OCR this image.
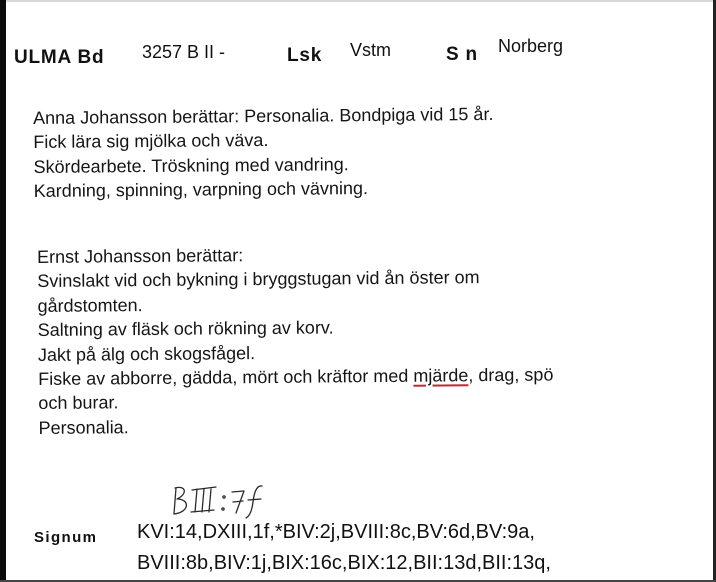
ULMA Bd 3257 B II -	Lsk Vstm	S n Norberg
Anna Johansson berättar: Personalia. Bondpiga vid 15 år.
Fick lära sig mjölka och väva.
Skördearbete. Tröskning med vandring.
Kardning, spinning, varpning och vävning.
Ernst Johansson berättar:
Svinslakt vid och bykning i bryggstugan vid ån öster om
gårdstomten.
Saltning av fläsk och rökning av korv.
Jakt på älg och skogsfågel.
Fiske av abborre, gädda, mört och kräftor med mjärde, drag, spö
och burar.
Personalia.
Signum KVI:14,DXIII,1f,*BIV:2j,BVIII:8c,BV:6d,BV:9a,
BVIII:8b,BIV:1j,BIX:16c,BIX:12,BII:13d,BII:13q,
